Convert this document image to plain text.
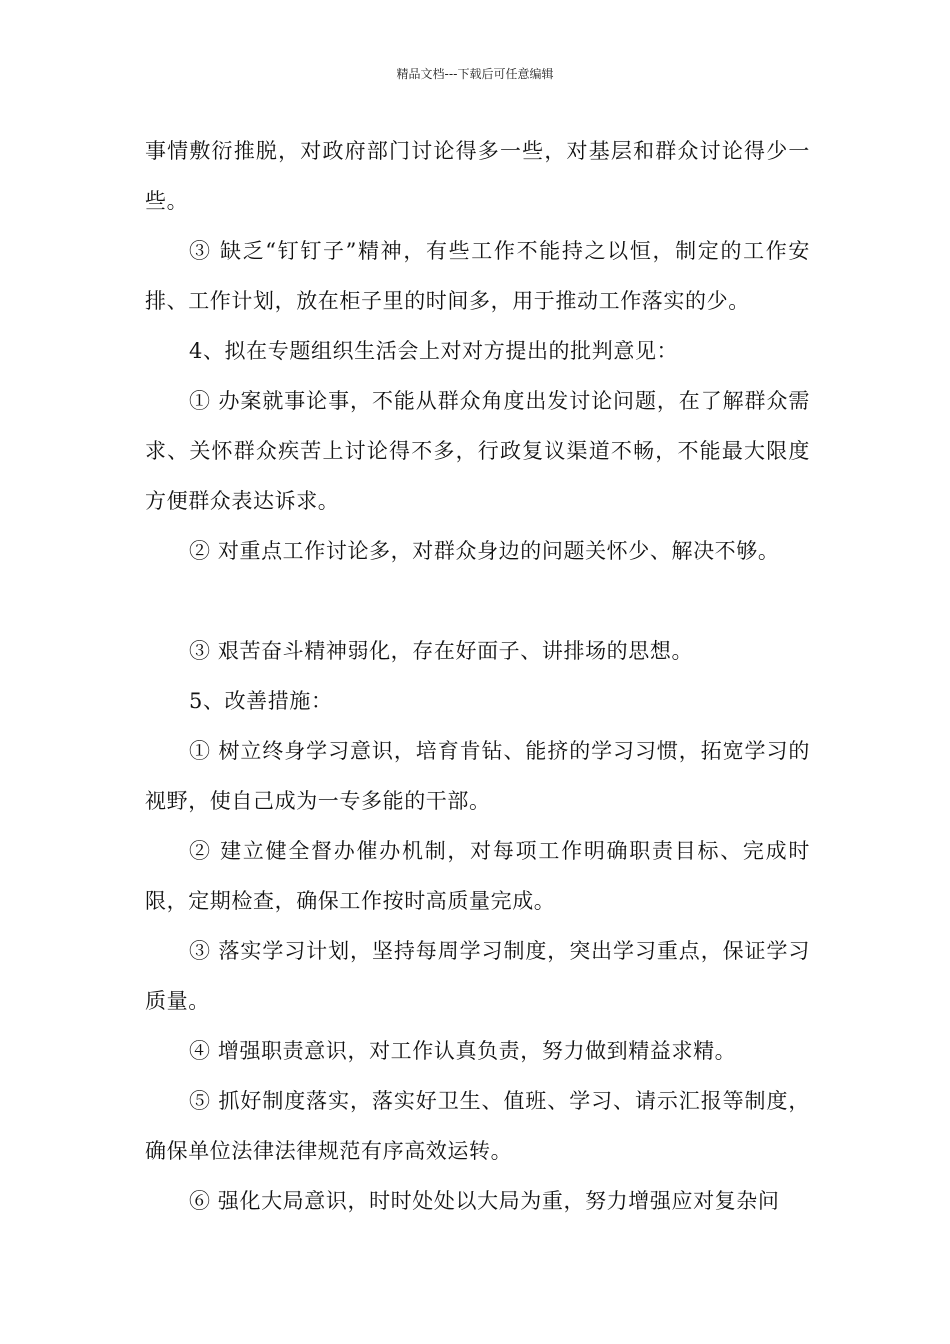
精品文档---下载后可任意编辑

事情敷衍推脱，对政府部门讨论得多一些，对基层和群众讨论得少一些。

③ 缺乏“钉钉子”精神，有些工作不能持之以恒，制定的工作安排、工作计划，放在柜子里的时间多，用于推动工作落实的少。

4、拟在专题组织生活会上对对方提出的批判意见：

① 办案就事论事，不能从群众角度出发讨论问题，在了解群众需求、关怀群众疾苦上讨论得不多，行政复议渠道不畅，不能最大限度方便群众表达诉求。

② 对重点工作讨论多，对群众身边的问题关怀少、解决不够。

③ 艰苦奋斗精神弱化，存在好面子、讲排场的思想。

5、改善措施：

① 树立终身学习意识，培育肯钻、能挤的学习习惯，拓宽学习的视野，使自己成为一专多能的干部。

② 建立健全督办催办机制，对每项工作明确职责目标、完成时限，定期检查，确保工作按时高质量完成。

③ 落实学习计划，坚持每周学习制度，突出学习重点，保证学习质量。

④ 增强职责意识，对工作认真负责，努力做到精益求精。

⑤ 抓好制度落实，落实好卫生、值班、学习、请示汇报等制度，确保单位法律法律规范有序高效运转。

⑥ 强化大局意识，时时处处以大局为重，努力增强应对复杂问
